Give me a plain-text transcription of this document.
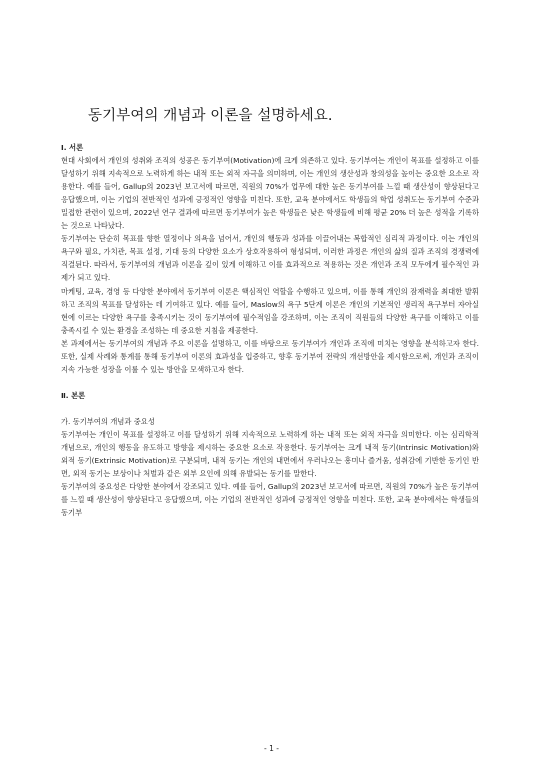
동기부여의 개념과 이론을 설명하세요.

Ⅰ. 서론

현대 사회에서 개인의 성취와 조직의 성공은 동기부여(Motivation)에 크게 의존하고 있다. 동기부여는 개인이 목표를 설정하고 이를 달성하기 위해 지속적으로 노력하게 하는 내적 또는 외적 자극을 의미하며, 이는 개인의 생산성과 창의성을 높이는 중요한 요소로 작용한다. 예를 들어, Gallup의 2023년 보고서에 따르면, 직원의 70%가 업무에 대한 높은 동기부여를 느낄 때 생산성이 향상된다고 응답했으며, 이는 기업의 전반적인 성과에 긍정적인 영향을 미친다. 또한, 교육 분야에서도 학생들의 학업 성취도는 동기부여 수준과 밀접한 관련이 있으며, 2022년 연구 결과에 따르면 동기부여가 높은 학생들은 낮은 학생들에 비해 평균 20% 더 높은 성적을 기록하는 것으로 나타났다.

동기부여는 단순히 목표를 향한 열정이나 의욕을 넘어서, 개인의 행동과 성과를 이끌어내는 복합적인 심리적 과정이다. 이는 개인의 욕구와 필요, 가치관, 목표 설정, 기대 등의 다양한 요소가 상호작용하여 형성되며, 이러한 과정은 개인의 삶의 질과 조직의 경쟁력에 직결된다. 따라서, 동기부여의 개념과 이론을 깊이 있게 이해하고 이를 효과적으로 적용하는 것은 개인과 조직 모두에게 필수적인 과제가 되고 있다.

마케팅, 교육, 경영 등 다양한 분야에서 동기부여 이론은 핵심적인 역할을 수행하고 있으며, 이를 통해 개인의 잠재력을 최대한 발휘하고 조직의 목표를 달성하는 데 기여하고 있다. 예를 들어, Maslow의 욕구 5단계 이론은 개인의 기본적인 생리적 욕구부터 자아실현에 이르는 다양한 욕구를 충족시키는 것이 동기부여에 필수적임을 강조하며, 이는 조직이 직원들의 다양한 욕구를 이해하고 이를 충족시킬 수 있는 환경을 조성하는 데 중요한 지침을 제공한다.

본 과제에서는 동기부여의 개념과 주요 이론을 설명하고, 이를 바탕으로 동기부여가 개인과 조직에 미치는 영향을 분석하고자 한다. 또한, 실제 사례와 통계를 통해 동기부여 이론의 효과성을 입증하고, 향후 동기부여 전략의 개선방안을 제시함으로써, 개인과 조직이 지속 가능한 성장을 이룰 수 있는 방안을 모색하고자 한다.

Ⅱ. 본론

가. 동기부여의 개념과 중요성

동기부여는 개인이 목표를 설정하고 이를 달성하기 위해 지속적으로 노력하게 하는 내적 또는 외적 자극을 의미한다. 이는 심리학적 개념으로, 개인의 행동을 유도하고 방향을 제시하는 중요한 요소로 작용한다. 동기부여는 크게 내적 동기(Intrinsic Motivation)와 외적 동기(Extrinsic Motivation)로 구분되며, 내적 동기는 개인의 내면에서 우러나오는 흥미나 즐거움, 성취감에 기반한 동기인 반면, 외적 동기는 보상이나 처벌과 같은 외부 요인에 의해 유발되는 동기를 말한다.

동기부여의 중요성은 다양한 분야에서 강조되고 있다. 예를 들어, Gallup의 2023년 보고서에 따르면, 직원의 70%가 높은 동기부여를 느낄 때 생산성이 향상된다고 응답했으며, 이는 기업의 전반적인 성과에 긍정적인 영향을 미친다. 또한, 교육 분야에서는 학생들의 동기부

- 1 -
